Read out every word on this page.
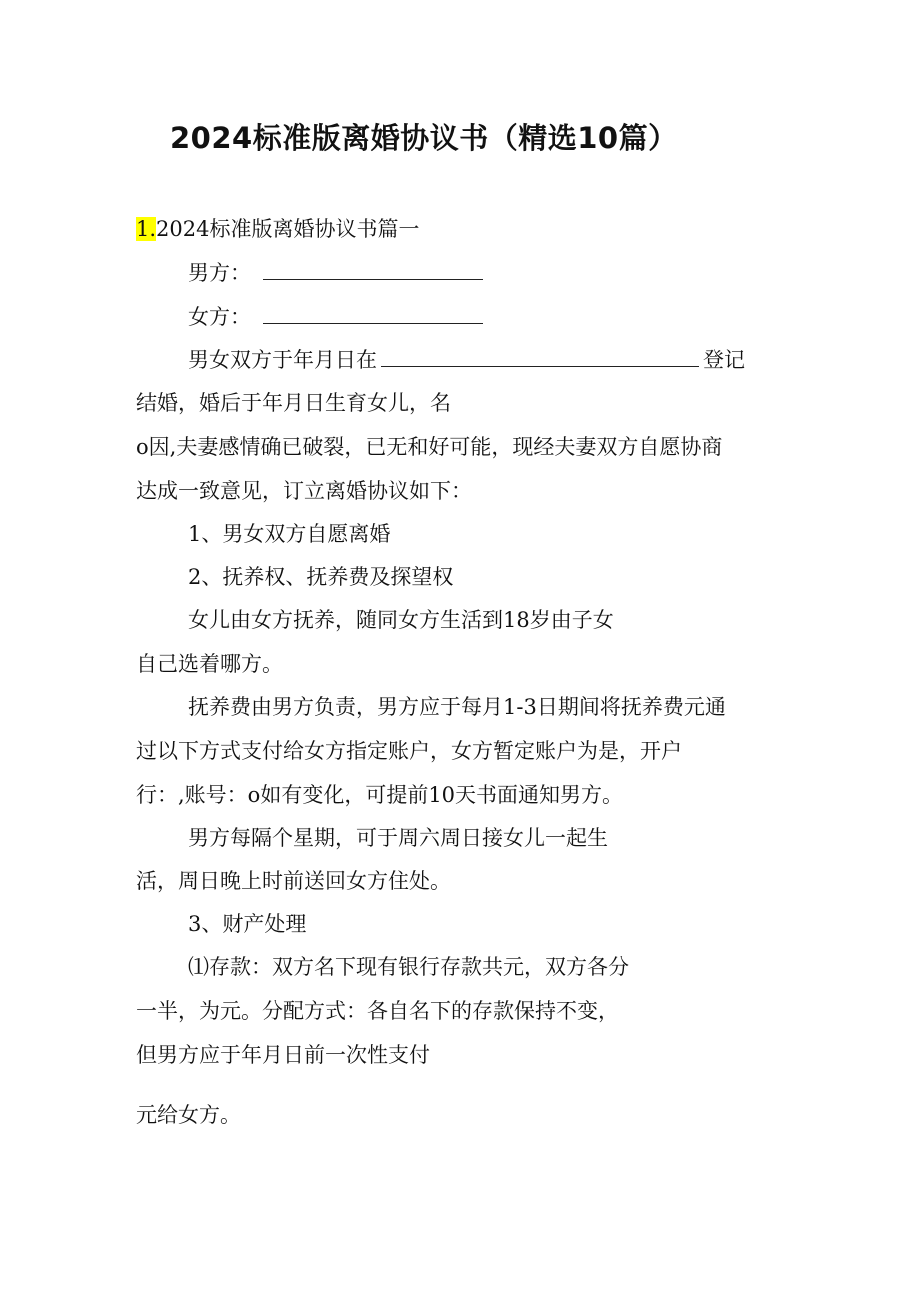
2024标准版离婚协议书（精选10篇）
1.2024标准版离婚协议书篇一
男方：
女方：
男女双方于年月日在	登记
结婚，婚后于年月日生育女儿，名
o因,夫妻感情确已破裂，已无和好可能，现经夫妻双方自愿协商
达成一致意见，订立离婚协议如下：
1、男女双方自愿离婚
2、抚养权、抚养费及探望权
女儿由女方抚养，随同女方生活到18岁由子女
自己选着哪方。
抚养费由男方负责，男方应于每月1-3日期间将抚养费元通
过以下方式支付给女方指定账户，女方暂定账户为是，开户
行：,账号：o如有变化，可提前10天书面通知男方。
男方每隔个星期，可于周六周日接女儿一起生
活，周日晚上时前送回女方住处。
3、财产处理
⑴存款：双方名下现有银行存款共元，双方各分
一半，为元。分配方式：各自名下的存款保持不变，
但男方应于年月日前一次性支付
元给女方。
